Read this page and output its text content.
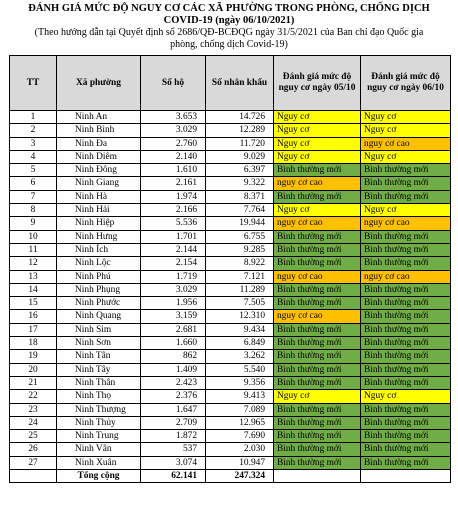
ĐÁNH GIÁ MỨC ĐỘ NGUY CƠ CÁC XÃ PHƯỜNG TRONG PHÒNG, CHỐNG DỊCH
COVID-19 (ngày 06/10/2021)
(Theo hướng dẫn tại Quyết định số 2686/QĐ-BCĐQG ngày 31/5/2021 của Ban chỉ đạo Quốc gia
phòng, chống dịch Covid-19)
TT	Xã phường	Số hộ	Số nhân khẩu	Đánh giá mức độ nguy cơ ngày 05/10	Đánh giá mức độ nguy cơ ngày 06/10
1	Ninh An	3.653	14.726	Nguy cơ	Nguy cơ
2	Ninh Bình	3.029	12.289	Nguy cơ	Nguy cơ
3	Ninh Đa	2.760	11.720	Nguy cơ	nguy cơ cao
4	Ninh Diêm	2.140	9.029	Nguy cơ	Nguy cơ
5	Ninh Đông	1.610	6.397	Bình thường mới	Bình thường mới
6	Ninh Giang	2.161	9.322	nguy cơ cao	Bình thường mới
7	Ninh Hà	1.974	8.371	Bình thường mới	Bình thường mới
8	Ninh Hải	2.166	7.764	Nguy cơ	Nguy cơ
9	Ninh Hiệp	5.536	19.944	nguy cơ cao	nguy cơ cao
10	Ninh Hưng	1.701	6.755	Bình thường mới	Bình thường mới
11	Ninh Ích	2.144	9.285	Bình thường mới	Bình thường mới
12	Ninh Lộc	2.154	8.922	Bình thường mới	Bình thường mới
13	Ninh Phú	1.719	7.121	nguy cơ cao	nguy cơ cao
14	Ninh Phụng	3.029	11.289	Bình thường mới	Bình thường mới
15	Ninh Phước	1.956	7.505	Bình thường mới	Bình thường mới
16	Ninh Quang	3.159	12.310	nguy cơ cao	Bình thường mới
17	Ninh Sim	2.681	9.434	Bình thường mới	Bình thường mới
18	Ninh Sơn	1.660	6.849	Bình thường mới	Bình thường mới
19	Ninh Tân	862	3.262	Bình thường mới	Bình thường mới
20	Ninh Tây	1.409	5.540	Bình thường mới	Bình thường mới
21	Ninh Thân	2.423	9.356	Bình thường mới	Bình thường mới
22	Ninh Thọ	2.376	9.413	Nguy cơ	Nguy cơ
23	Ninh Thượng	1.647	7.089	Bình thường mới	Bình thường mới
24	Ninh Thủy	2.709	12.965	Bình thường mới	Bình thường mới
25	Ninh Trung	1.872	7.690	Bình thường mới	Bình thường mới
26	Ninh Vân	537	2.030	Bình thường mới	Bình thường mới
27	Ninh Xuân	3.074	10.947	Bình thường mới	Bình thường mới
	Tổng cộng	62.141	247.324		
